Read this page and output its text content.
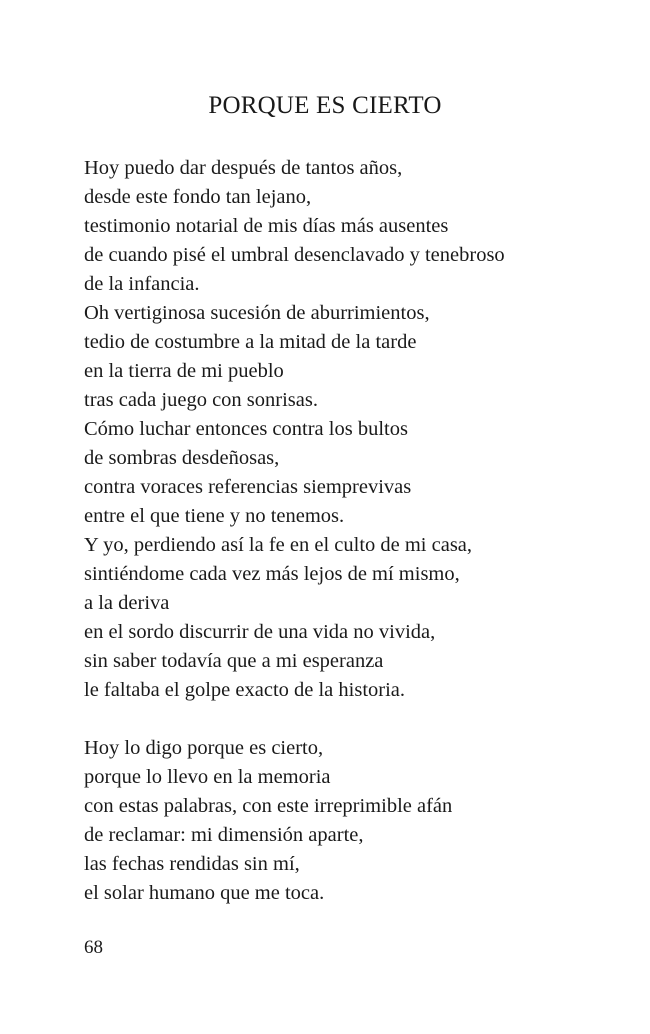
PORQUE ES CIERTO
Hoy puedo dar después de tantos años,
desde este fondo tan lejano,
testimonio notarial de mis días más ausentes
de cuando pisé el umbral desenclavado y tenebroso
de la infancia.
Oh vertiginosa sucesión de aburrimientos,
tedio de costumbre a la mitad de la tarde
en la tierra de mi pueblo
tras cada juego con sonrisas.
Cómo luchar entonces contra los bultos
de sombras desdeñosas,
contra voraces referencias siemprevivas
entre el que tiene y no tenemos.
Y yo, perdiendo así la fe en el culto de mi casa,
sintiéndome cada vez más lejos de mí mismo,
a la deriva
en el sordo discurrir de una vida no vivida,
sin saber todavía que a mi esperanza
le faltaba el golpe exacto de la historia.
Hoy lo digo porque es cierto,
porque lo llevo en la memoria
con estas palabras, con este irreprimible afán
de reclamar: mi dimensión aparte,
las fechas rendidas sin mí,
el solar humano que me toca.
68
